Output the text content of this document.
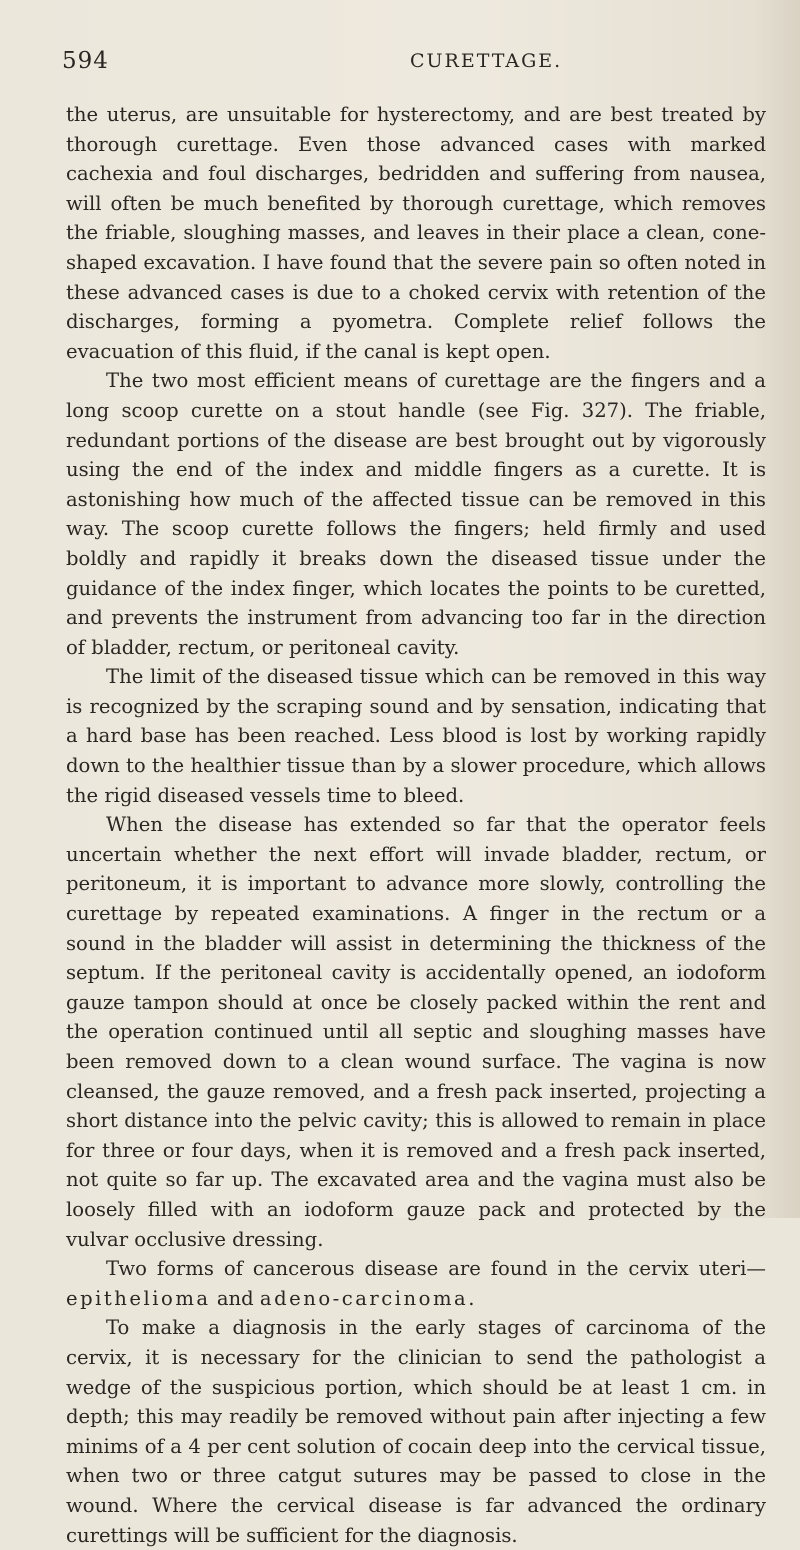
594	CURETTAGE.

the uterus, are unsuitable for hysterectomy, and are best treated by thorough curettage. Even those advanced cases with marked cachexia and foul discharges, bedridden and suffering from nausea, will often be much benefited by thorough curettage, which removes the friable, sloughing masses, and leaves in their place a clean, cone-shaped excavation. I have found that the severe pain so often noted in these advanced cases is due to a choked cervix with retention of the discharges, forming a pyometra. Complete relief follows the evacuation of this fluid, if the canal is kept open.

The two most efficient means of curettage are the fingers and a long scoop curette on a stout handle (see Fig. 327). The friable, redundant portions of the disease are best brought out by vigorously using the end of the index and middle fingers as a curette. It is astonishing how much of the affected tissue can be removed in this way. The scoop curette follows the fingers; held firmly and used boldly and rapidly it breaks down the diseased tissue under the guidance of the index finger, which locates the points to be curetted, and prevents the instrument from advancing too far in the direction of bladder, rectum, or peritoneal cavity.

The limit of the diseased tissue which can be removed in this way is recognized by the scraping sound and by sensation, indicating that a hard base has been reached. Less blood is lost by working rapidly down to the healthier tissue than by a slower procedure, which allows the rigid diseased vessels time to bleed.

When the disease has extended so far that the operator feels uncertain whether the next effort will invade bladder, rectum, or peritoneum, it is important to advance more slowly, controlling the curettage by repeated examinations. A finger in the rectum or a sound in the bladder will assist in determining the thickness of the septum. If the peritoneal cavity is accidentally opened, an iodoform gauze tampon should at once be closely packed within the rent and the operation continued until all septic and sloughing masses have been removed down to a clean wound surface. The vagina is now cleansed, the gauze removed, and a fresh pack inserted, projecting a short distance into the pelvic cavity; this is allowed to remain in place for three or four days, when it is removed and a fresh pack inserted, not quite so far up. The excavated area and the vagina must also be loosely filled with an iodoform gauze pack and protected by the vulvar occlusive dressing.

Two forms of cancerous disease are found in the cervix uteri—epithelioma and adeno-carcinoma.

To make a diagnosis in the early stages of carcinoma of the cervix, it is necessary for the clinician to send the pathologist a wedge of the suspicious portion, which should be at least 1 cm. in depth; this may readily be removed without pain after injecting a few minims of a 4 per cent solution of cocain deep into the cervical tissue, when two or three catgut sutures may be passed to close in the wound. Where the cervical disease is far advanced the ordinary curettings will be sufficient for the diagnosis.
